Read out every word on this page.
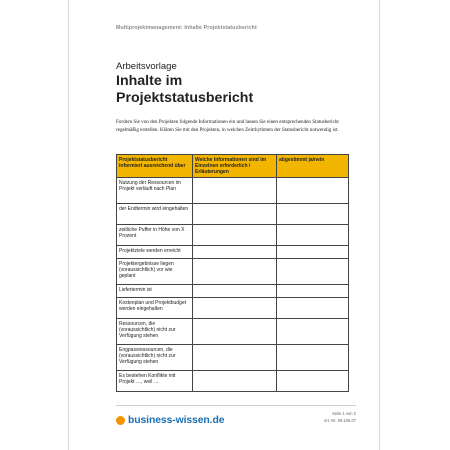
Multiprojektmanagement: Inhalte Projektstatusbericht
Arbeitsvorlage
Inhalte im
Projektstatusbericht
Fordern Sie von den Projekten folgende Informationen ein und lassen Sie einen entsprechenden Statusbericht regelmäßig erstellen. Klären Sie mit den Projekten, in welchen Zeitrhythmen der Statusbericht notwendig ist.
Projektstatusbericht informiert ausreichend über	Welche Informationen sind im Einzelnen erforderlich / Erläuterungen	abgestimmt ja/nein
Nutzung der Ressourcen im Projekt verläuft nach Plan		
der Endtermin wird eingehalten		
zeitliche Puffer in Höhe von X Prozent		
Projektziele werden erreicht		
Projektergebnisse liegen (voraussichtlich) vor wie geplant		
Liefertermin ist		
Kostenplan und Projektbudget werden eingehalten		
Ressourcen, die (voraussichtlich) nicht zur Verfügung stehen		
Engpassressourcen, die (voraussichtlich) nicht zur Verfügung stehen		
Es bestehen Konflikte mit Projekt …, weil …		
business-wissen.de
Seite 1 von 2
Art.-Nr. 99.106.07
